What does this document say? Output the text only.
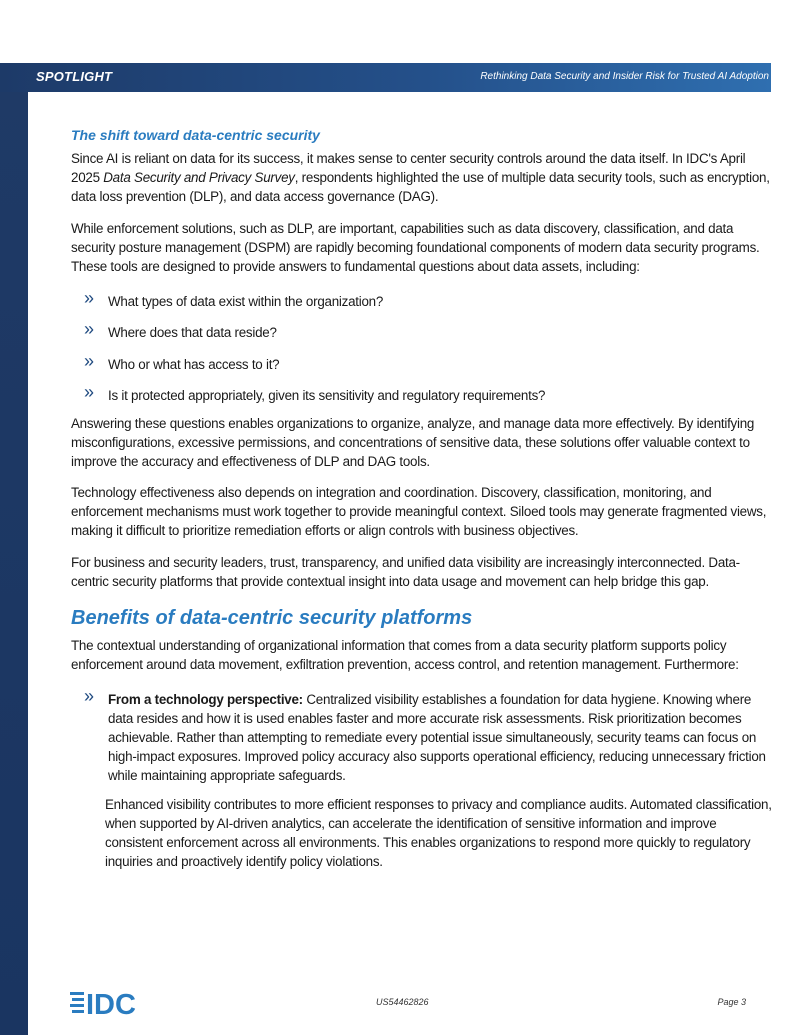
SPOTLIGHT	Rethinking Data Security and Insider Risk for Trusted AI Adoption
The shift toward data-centric security

Since AI is reliant on data for its success, it makes sense to center security controls around the data itself. In IDC's April 2025 Data Security and Privacy Survey, respondents highlighted the use of multiple data security tools, such as encryption, data loss prevention (DLP), and data access governance (DAG).

While enforcement solutions, such as DLP, are important, capabilities such as data discovery, classification, and data security posture management (DSPM) are rapidly becoming foundational components of modern data security programs. These tools are designed to provide answers to fundamental questions about data assets, including:

» What types of data exist within the organization?
» Where does that data reside?
» Who or what has access to it?
» Is it protected appropriately, given its sensitivity and regulatory requirements?

Answering these questions enables organizations to organize, analyze, and manage data more effectively. By identifying misconfigurations, excessive permissions, and concentrations of sensitive data, these solutions offer valuable context to improve the accuracy and effectiveness of DLP and DAG tools.

Technology effectiveness also depends on integration and coordination. Discovery, classification, monitoring, and enforcement mechanisms must work together to provide meaningful context. Siloed tools may generate fragmented views, making it difficult to prioritize remediation efforts or align controls with business objectives.

For business and security leaders, trust, transparency, and unified data visibility are increasingly interconnected. Data-centric security platforms that provide contextual insight into data usage and movement can help bridge this gap.

Benefits of data-centric security platforms

The contextual understanding of organizational information that comes from a data security platform supports policy enforcement around data movement, exfiltration prevention, access control, and retention management. Furthermore:

» From a technology perspective: Centralized visibility establishes a foundation for data hygiene. Knowing where data resides and how it is used enables faster and more accurate risk assessments. Risk prioritization becomes achievable. Rather than attempting to remediate every potential issue simultaneously, security teams can focus on high-impact exposures. Improved policy accuracy also supports operational efficiency, reducing unnecessary friction while maintaining appropriate safeguards.

Enhanced visibility contributes to more efficient responses to privacy and compliance audits. Automated classification, when supported by AI-driven analytics, can accelerate the identification of sensitive information and improve consistent enforcement across all environments. This enables organizations to respond more quickly to regulatory inquiries and proactively identify policy violations.

IDC	US54462826	Page 3
